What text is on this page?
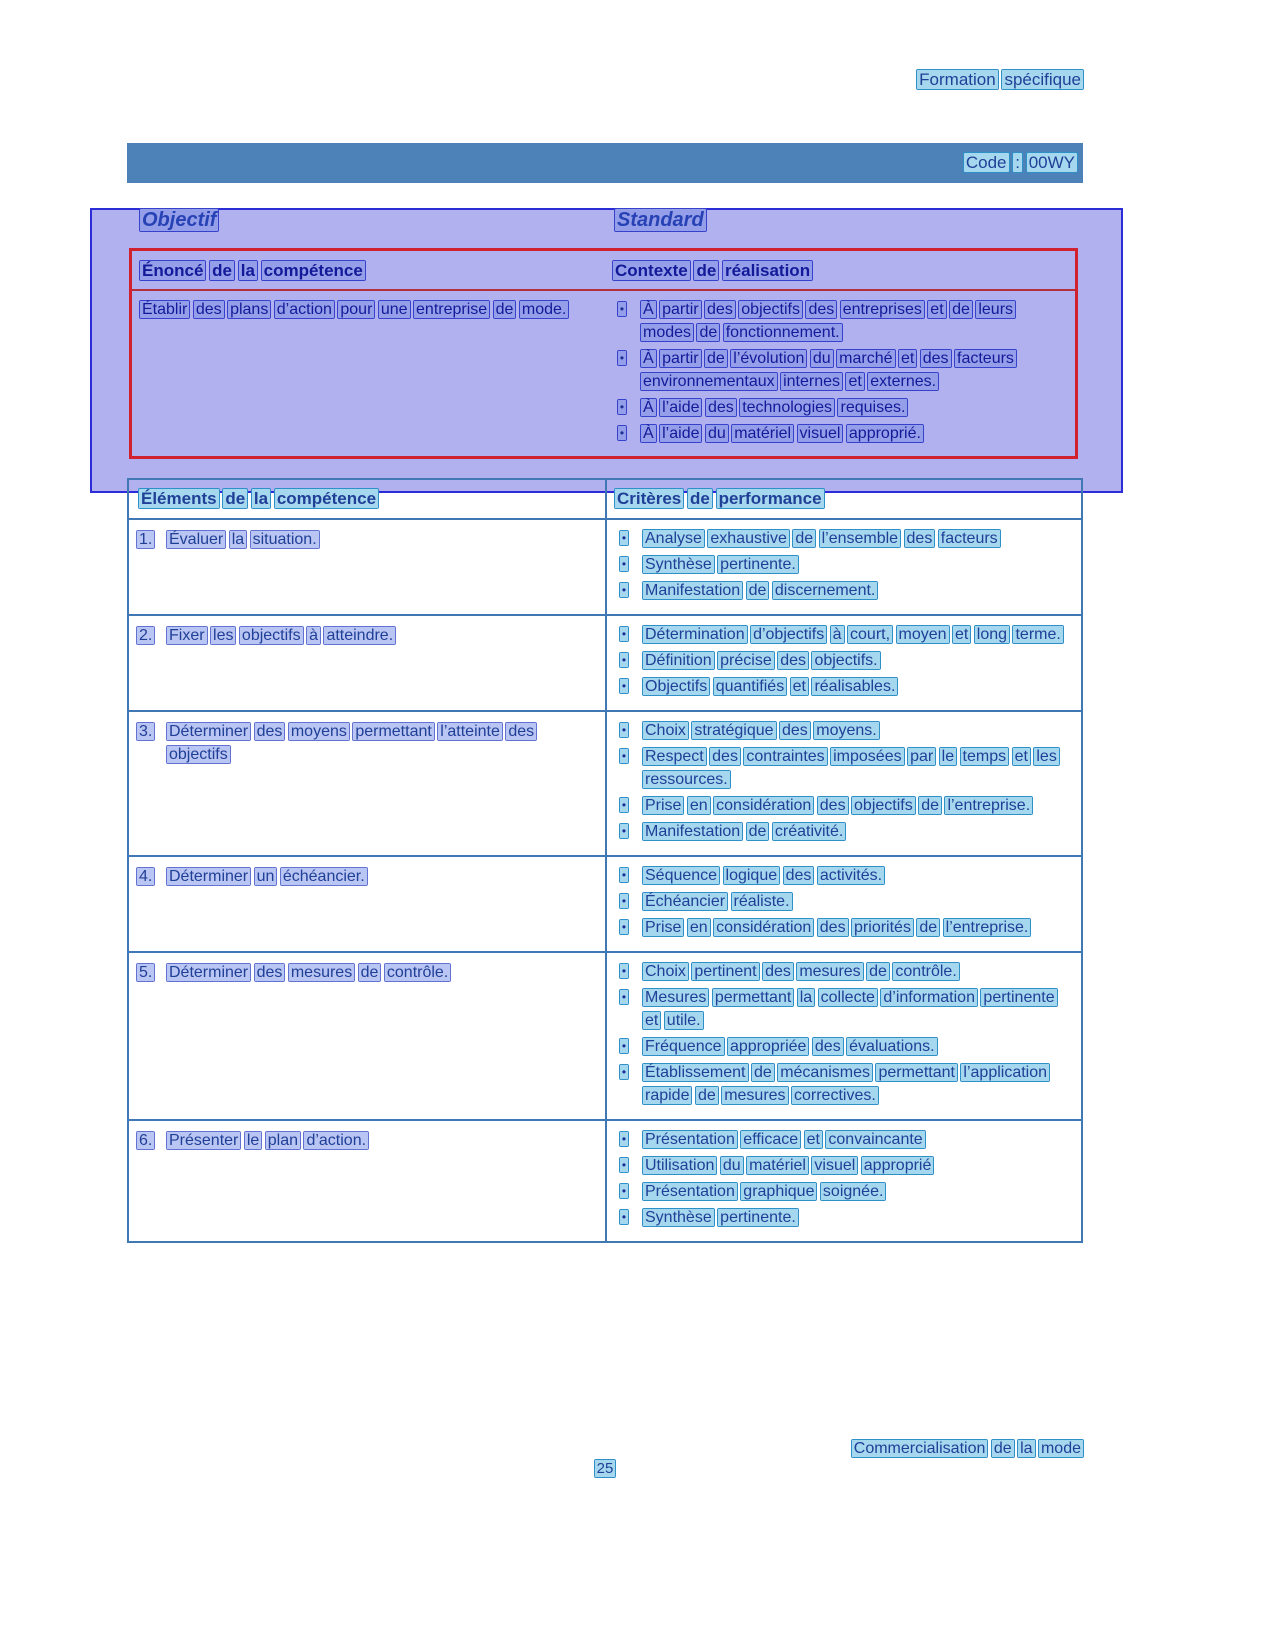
Formation spécifique
Code : 00WY
Objectif	Standard
Énoncé de la compétence	Contexte de réalisation
Établir des plans d’action pour une entreprise de mode.	•	À partir des objectifs des entreprises et de leurs modes de fonctionnement.
•	À partir de l’évolution du marché et des facteurs environnementaux internes et externes.
•	À l’aide des technologies requises.
•	À l’aide du matériel visuel approprié.
Éléments de la compétence	Critères de performance
1.	Évaluer la situation.	•	Analyse exhaustive de l’ensemble des facteurs
•	Synthèse pertinente.
•	Manifestation de discernement.
2.	Fixer les objectifs à atteindre.	•	Détermination d’objectifs à court, moyen et long terme.
•	Définition précise des objectifs.
•	Objectifs quantifiés et réalisables.
3.	Déterminer des moyens permettant l’atteinte des objectifs
•	Choix stratégique des moyens.
•	Respect des contraintes imposées par le temps et les ressources.
•	Prise en considération des objectifs de l’entreprise.
•	Manifestation de créativité.
4.	Déterminer un échéancier.	•	Séquence logique des activités.
•	Échéancier réaliste.
•	Prise en considération des priorités de l’entreprise.
5.	Déterminer des mesures de contrôle.	•	Choix pertinent des mesures de contrôle.
•	Mesures permettant la collecte d’information pertinente et utile.
•	Fréquence appropriée des évaluations.
•	Établissement de mécanismes permettant l’application rapide de mesures correctives.
6.	Présenter le plan d’action.	•	Présentation efficace et convaincante
•	Utilisation du matériel visuel approprié
•	Présentation graphique soignée.
•	Synthèse pertinente.
Commercialisation de la mode
25
